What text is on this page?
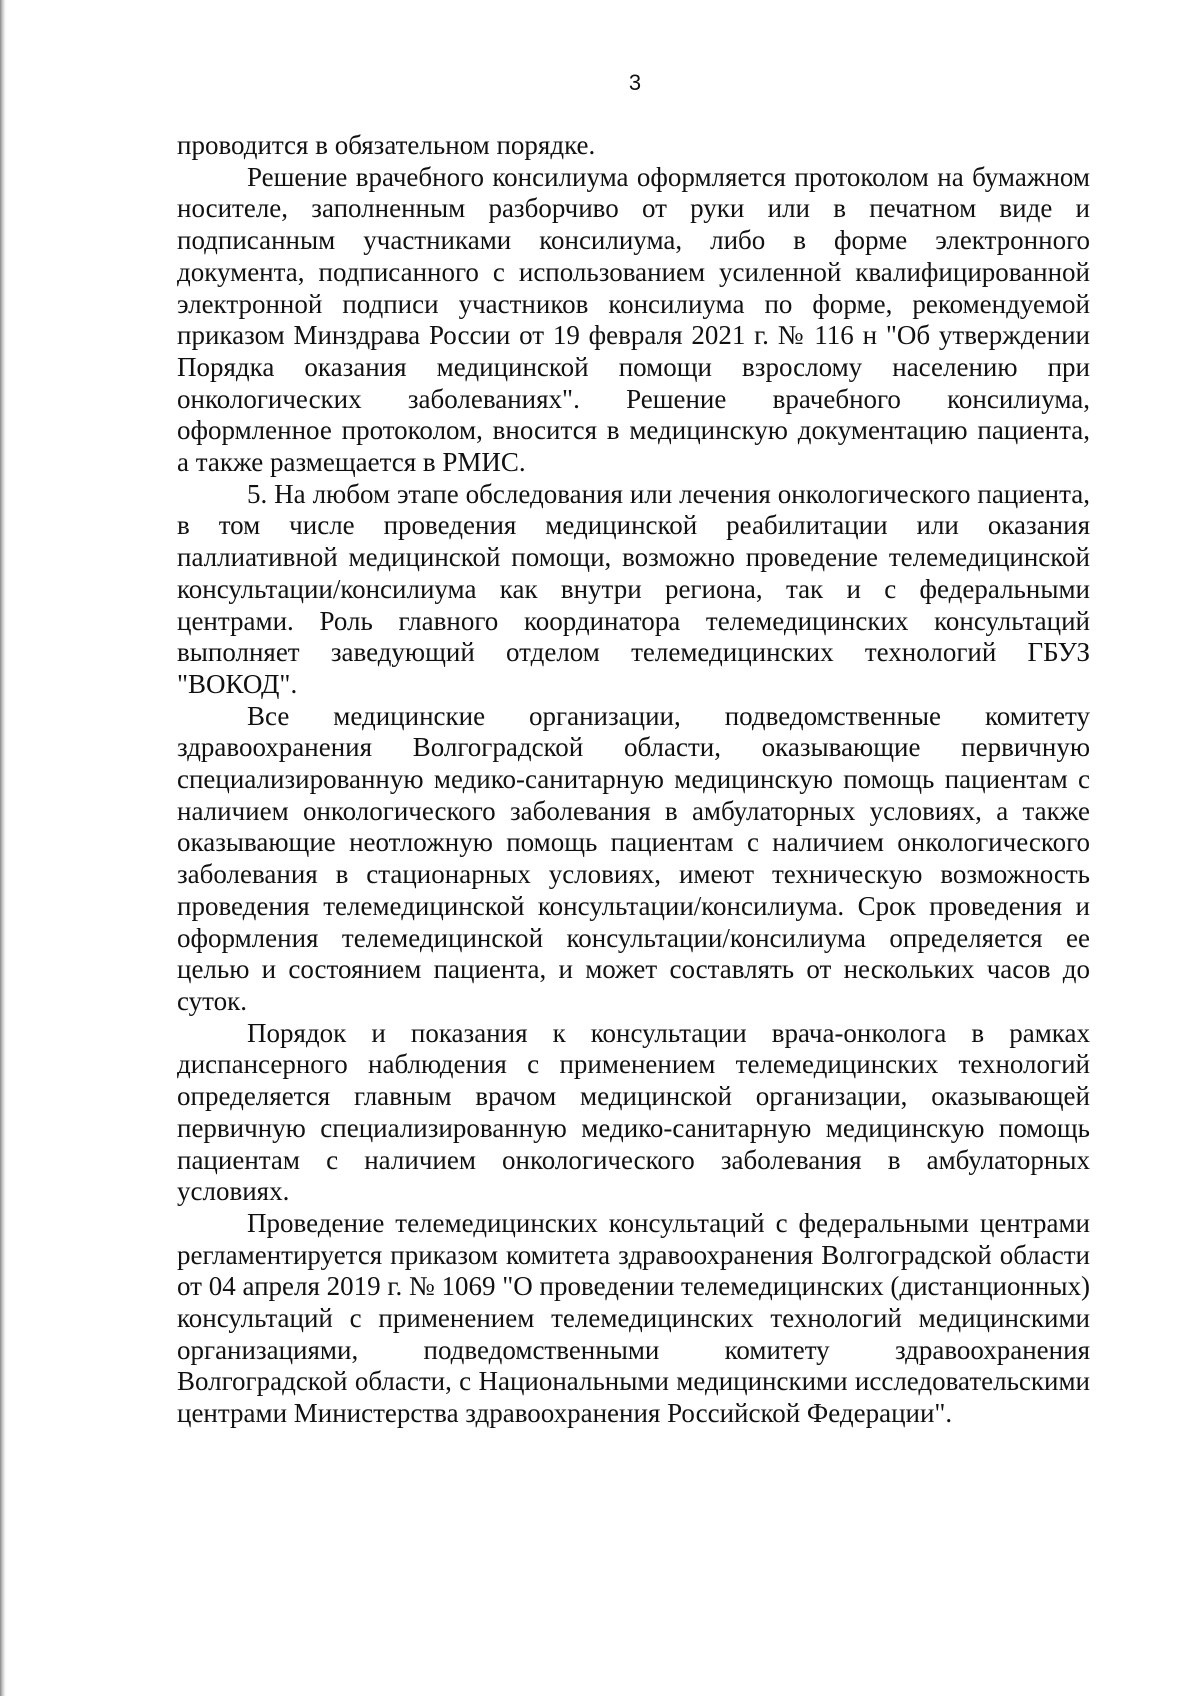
3

проводится в обязательном порядке.

Решение врачебного консилиума оформляется протоколом на бумажном носителе, заполненным разборчиво от руки или в печатном виде и подписанным участниками консилиума, либо в форме электронного документа, подписанного с использованием усиленной квалифицированной электронной подписи участников консилиума по форме, рекомендуемой приказом Минздрава России от 19 февраля 2021 г. № 116 н "Об утверждении Порядка оказания медицинской помощи взрослому населению при онкологических заболеваниях". Решение врачебного консилиума, оформленное протоколом, вносится в медицинскую документацию пациента, а также размещается в РМИС.

5. На любом этапе обследования или лечения онкологического пациента, в том числе проведения медицинской реабилитации или оказания паллиативной медицинской помощи, возможно проведение телемедицинской консультации/консилиума как внутри региона, так и с федеральными центрами. Роль главного координатора телемедицинских консультаций выполняет заведующий отделом телемедицинских технологий ГБУЗ "ВОКОД".

Все медицинские организации, подведомственные комитету здравоохранения Волгоградской области, оказывающие первичную специализированную медико-санитарную медицинскую помощь пациентам с наличием онкологического заболевания в амбулаторных условиях, а также оказывающие неотложную помощь пациентам с наличием онкологического заболевания в стационарных условиях, имеют техническую возможность проведения телемедицинской консультации/консилиума. Срок проведения и оформления телемедицинской консультации/консилиума определяется ее целью и состоянием пациента, и может составлять от нескольких часов до суток.

Порядок и показания к консультации врача-онколога в рамках диспансерного наблюдения с применением телемедицинских технологий определяется главным врачом медицинской организации, оказывающей первичную специализированную медико-санитарную медицинскую помощь пациентам с наличием онкологического заболевания в амбулаторных условиях.

Проведение телемедицинских консультаций с федеральными центрами регламентируется приказом комитета здравоохранения Волгоградской области от 04 апреля 2019 г. № 1069 "О проведении телемедицинских (дистанционных) консультаций с применением телемедицинских технологий медицинскими организациями, подведомственными комитету здравоохранения Волгоградской области, с Национальными медицинскими исследовательскими центрами Министерства здравоохранения Российской Федерации".
